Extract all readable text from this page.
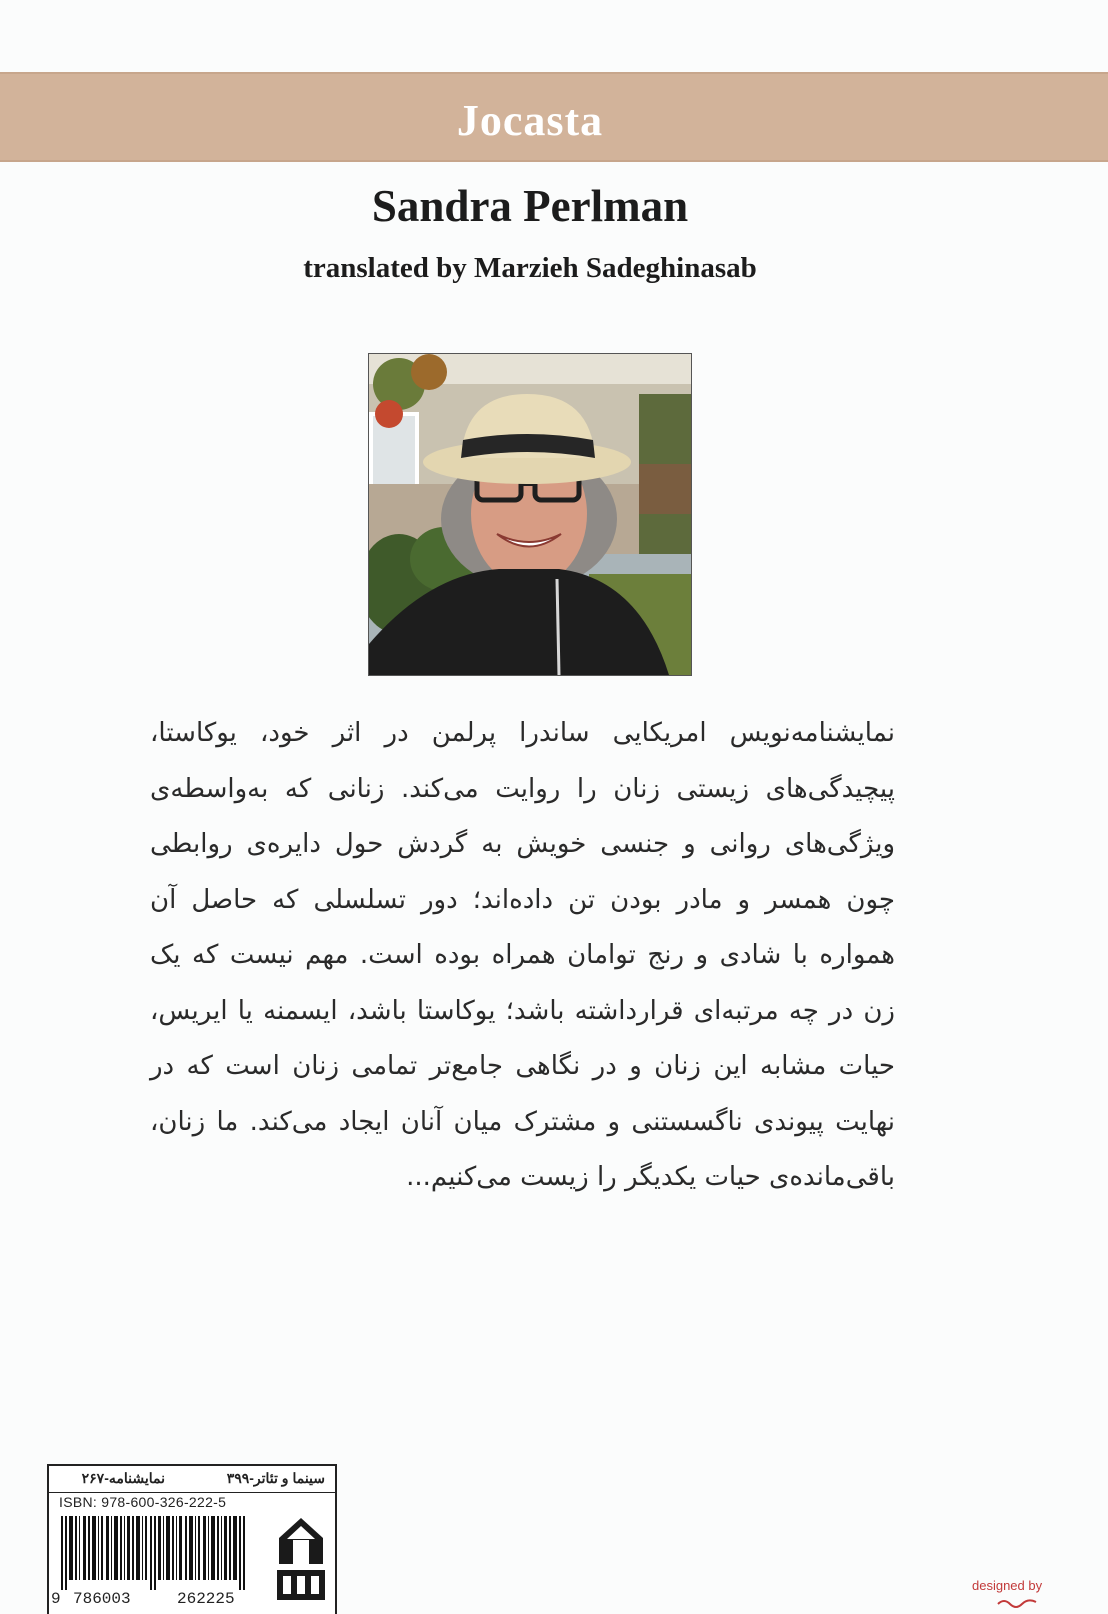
Jocasta
Sandra Perlman
translated by Marzieh Sadeghinasab
نمایشنامه‌نویس امریکایی ساندرا پرلمن در اثر خود، یوکاستا، پیچیدگی‌های زیستی زنان را روایت می‌کند. زنانی که به‌واسطه‌ی ویژگی‌های روانی و جنسی خویش به گردش حول دایره‌ی روابطی چون همسر و مادر بودن تن داده‌اند؛ دور تسلسلی که حاصل آن همواره با شادی و رنج توامان همراه بوده است. مهم نیست که یک زن در چه مرتبه‌ای قرارداشته باشد؛ یوکاستا باشد، ایسمنه یا ایریس، حیات مشابه این زنان و در نگاهی جامع‌تر تمامی زنان است که در نهایت پیوندی ناگسستنی و مشترک میان آنان ایجاد می‌کند. ما زنان، باقی‌مانده‌ی حیات یکدیگر را زیست می‌کنیم...
سینما و تئاتر-۳۹۹
نمایشنامه-۲۶۷
ISBN: 978-600-326-222-5
9 786003	262225
designed by
